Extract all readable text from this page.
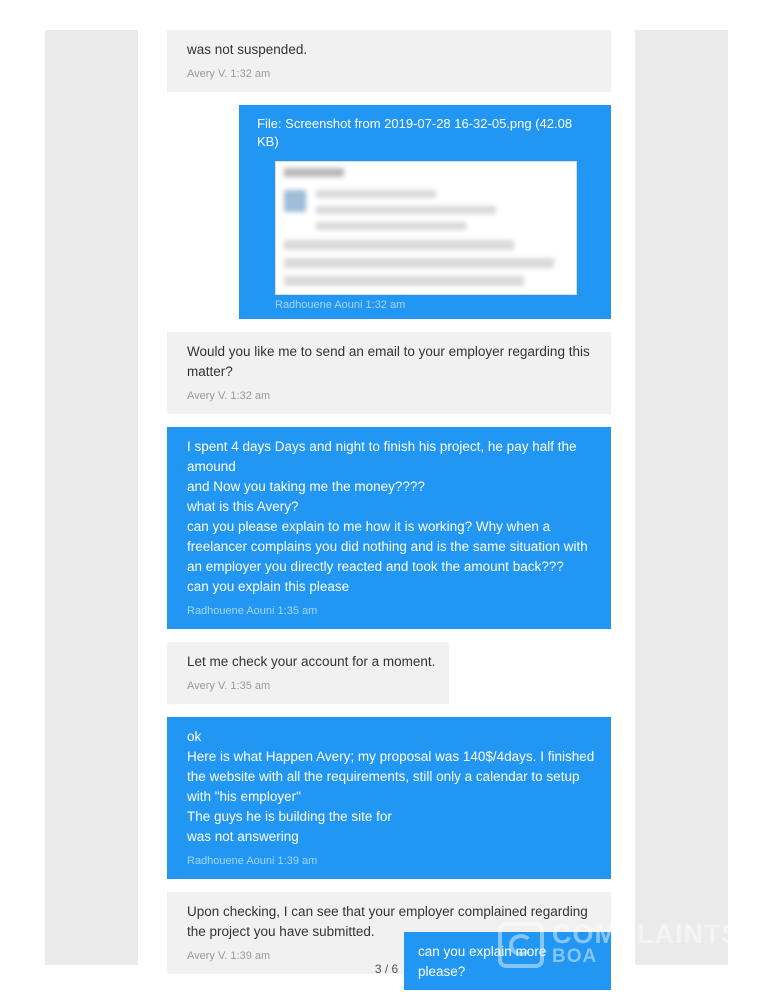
was not suspended.
Avery V. 1:32 am
File: Screenshot from 2019-07-28 16-32-05.png (42.08 KB)
Radhouene Aouni 1:32 am
Would you like me to send an email to your employer regarding this matter?
Avery V. 1:32 am
I spent 4 days Days and night to finish his project, he pay half the amound
and Now you taking me the money????
what is this Avery?
can you please explain to me how it is working? Why when a freelancer complains you did nothing and is the same situation with an employer you directly reacted and took the amount back???
can you explain this please
Radhouene Aouni 1:35 am
Let me check your account for a moment.
Avery V. 1:35 am
ok
Here is what Happen Avery; my proposal was 140$/4days. I finished the website with all the requirements, still only a calendar to setup with "his employer"
The guys he is building the site for
was not answering
Radhouene Aouni 1:39 am
Upon checking, I can see that your employer complained regarding the project you have submitted.
Avery V. 1:39 am	can you explain more please?
COMPLAINTS
BOA
3 / 6
